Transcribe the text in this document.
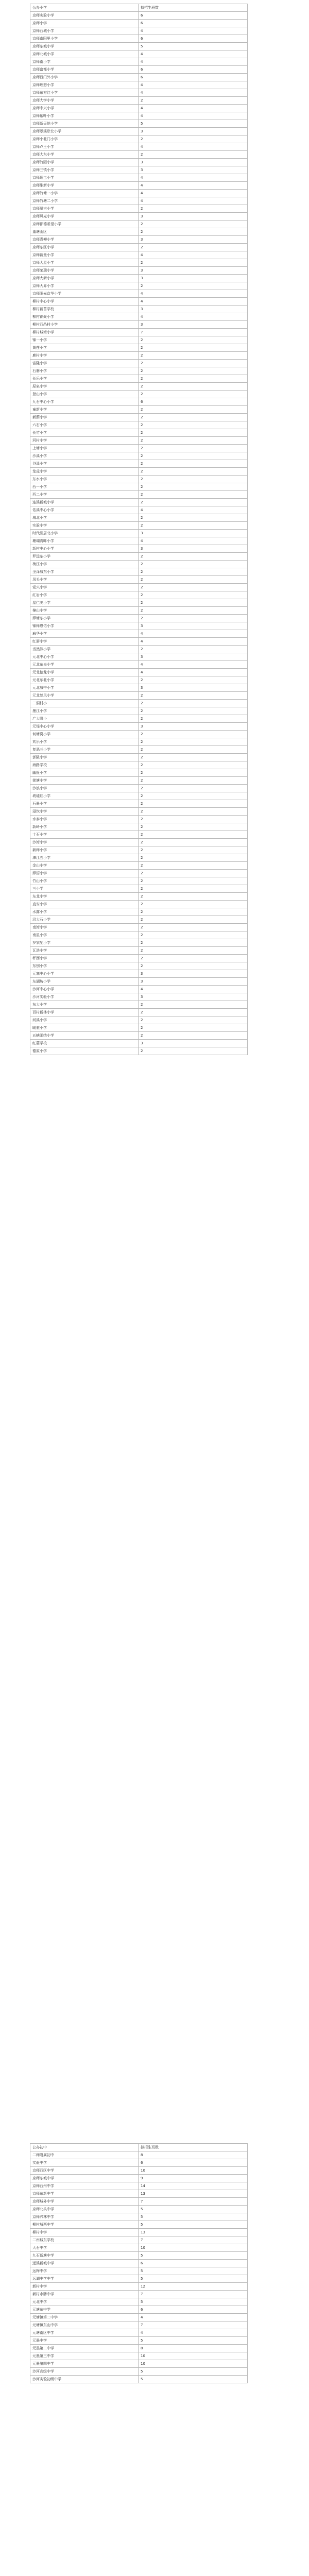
公办小学	拟招生班数
京师实验小学	6
京师小学	6
京师西城小学	4
京师南阳里小学	6
京师东城小学	5
京师北城小学	4
京师南小学	4
京师富都小学	6
京师西门外小学	6
京师理想小学	4
京师东方红小学	4
京师大学小学	2
京师中兴小学	4
京师紫叶小学	4
京师新天地小学	5
京师翠溪岸北小学	3
京师小北门小学	2
京师卢王小学	4
京师大东小学	2
京师竹园小学	3
京师三镇小学	3
京师理工小学	4
京师维新小学	4
京师竹塘一小学	4
京师竹塘二小学	4
京师景吉小学	2
京师风光小学	3
京师都德希望小学	2
董塘山区	2
京师青柳小学	3
京师东区小学	2
京师新童小学	4
京师大星小学	2
京师荣瑞小学	3
京师大新小学	3
京师大界小学	2
京师阳光京华小学	4
柳村中心小学	4
柳村新苗学校	3
柳村锦聚小学	4
柳村西凸村小学	3
柳村城湾小学	7
锦一小学	2
黄莲小学	2
鹿村小学	2
富隆小学	2
石磐小学	2
长乐小学	2
原泉小学	2
登山小学	2
九石中心小学	6
童新小学	2
新荫小学	2
六石小学	2
长竹小学	2
河村小学	2
上塘小学	2
沙溪小学	2
谷溪小学	2
龙虎小学	2
东水小学	2
西一小学	2
西二小学	2
连溪新城小学	2
佑溪中心小学	4
城北小学	2
实验小学	2
时代湖居北小学	3
珊瑚湾畔小学	4
新村中心小学	3
罗远东小学	2
梅江小学	2
圣泽城东小学	2
凤头小学	2
党兴小学	2
红岩小学	2
星仁美小学	2
樟山小学	2
潭塘东小学	2
锦师恩佑小学	3
麻华小学	4
红唇小学	4
当然然小学	2
元北中心小学	3
元北东泉小学	4
元北德龙小学	4
元北东北小学	2
元北城中小学	3
元北复风小学	2
二洞村小	2
墨江小学	2
广大附小	2
元堤中心小学	3
何塘岗小学	2
欢乐小学	2
复恶三小学	2
郭陂小学	2
海路学校	2
幽箍小学	2
萱塘小学	2
沙浪小学	2
坡硅硅小学	2
石墨小学	2
浸坎小学	2
水泰小学	2
新岭小学	2
十石小学	2
沙湾小学	2
新师小学	2
潭江五小学	2
金山小学	2
潭沼小学	2
竹山小学	2
三小学	2
东北小学	2
直安小学	2
水露小学	2
沿大石小学	2
南湾小学	2
南星小学	2
罗家配小学	2
瓦浩小学	2
秤西小学	2
东别小学	2
元塞中心小学	3
东湖坊小学	3
沙河中心小学	4
沙河实验小学	3
东大小学	2
百村新林小学	2
河溪小学	2
暖雅小学	2
五峡团结小学	2
红墓学校	3
德原小学	2
公办初中	拟招生班数
二师附属初中	8
实验中学	6
京师西区中学	10
京师东城中学	9
京师西州中学	14
京师东新中学	13
京师城外中学	7
京师北头中学	5
京师兴林中学	5
柳村城西中学	5
柳村中学	13
二州城东学校	7
大石中学	10
九石新塘中学	5
远溪新城中学	6
远梅中学	5
远湖中学中学	5
新村中学	12
新村水牌中学	7
元北中学	5
元塘东中学	6
元塘镇第二中学	4
元塘镇东山中学	7
元塘南区中学	4
元墨中学	5
元墨第二中学	8
元墨第三中学	10
元墨第四中学	10
沙河高级中学	5
沙河实验初级中学	5
